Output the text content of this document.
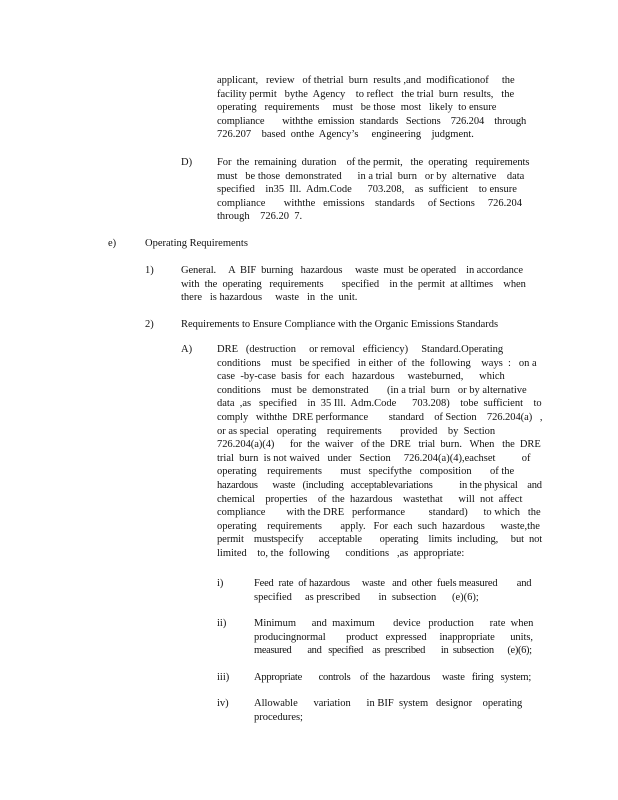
applicant,   review   of thetrial  burn  results ,and  modificationof     the

facility permit   bythe  Agency    to reflect   the trial  burn  results,   the

operating   requirements     must   be those  most   likely  to ensure

compliance       withthe  emission  standards   Sections    726.204    through

726.207    based  onthe  Agency’s     engineering    judgment.

D) For  the  remaining  duration    of the permit,   the  operating   requirements

must   be those  demonstrated      in a trial  burn   or by  alternative    data

specified    in35  Ill.  Adm.Code      703.208,    as  sufficient    to ensure

compliance       withthe   emissions    standards     of Sections     726.204

through    726.20  7.

e)	Operating Requirements
1)	General.     A  BIF  burning   hazardous     waste  must  be operated    in accordance

with  the  operating   requirements       specified    in the  permit  at alltimes    when

there   is hazardous     waste   in  the  unit.

2)	Requirements to Ensure Compliance with the Organic Emissions Standards
A) DRE   (destruction     or removal   efficiency)     Standard.Operating

conditions    must   be specified   in either  of  the  following    ways  :   on a

case  -by-case  basis  for  each   hazardous     wasteburned,      which

conditions    must  be  demonstrated       (in a trial  burn   or by alternative

data  ,as   specified    in  35 Ill.  Adm.Code      703.208)    tobe  sufficient    to

comply   withthe  DRE performance        standard    of Section    726.204(a)   ,

or as special   operating    requirements       provided    by  Section

726.204(a)(4)      for  the  waiver   of the  DRE   trial  burn.   When   the  DRE

trial  burn  is not waived   under   Section     726.204(a)(4),eachset          of

operating    requirements       must   specifythe   composition       of the

hazardous      waste   (including   acceptablevariations           in the physical    and

chemical    properties    of  the  hazardous    wastethat      will  not  affect

compliance        with the DRE   performance         standard)      to which   the

operating    requirements       apply.   For  each  such  hazardous      waste,the

permit    mustspecify      acceptable       operating    limits  including,     but  not

limited    to, the  following      conditions   ,as  appropriate:

i)	Feed  rate  of hazardous     waste   and  other  fuels measured        and

specified     as prescribed       in  subsection      (e)(6);

ii)	Minimum      and  maximum       device   production      rate  when

producingnormal        product   expressed     inappropriate      units,

measured       and   specified    as  prescribed       in  subsection      (e)(6);

iii) Appropriate       controls    of  the  hazardous     waste   firing   system;

iv) Allowable      variation      in BIF  system   designor    operating

procedures;
